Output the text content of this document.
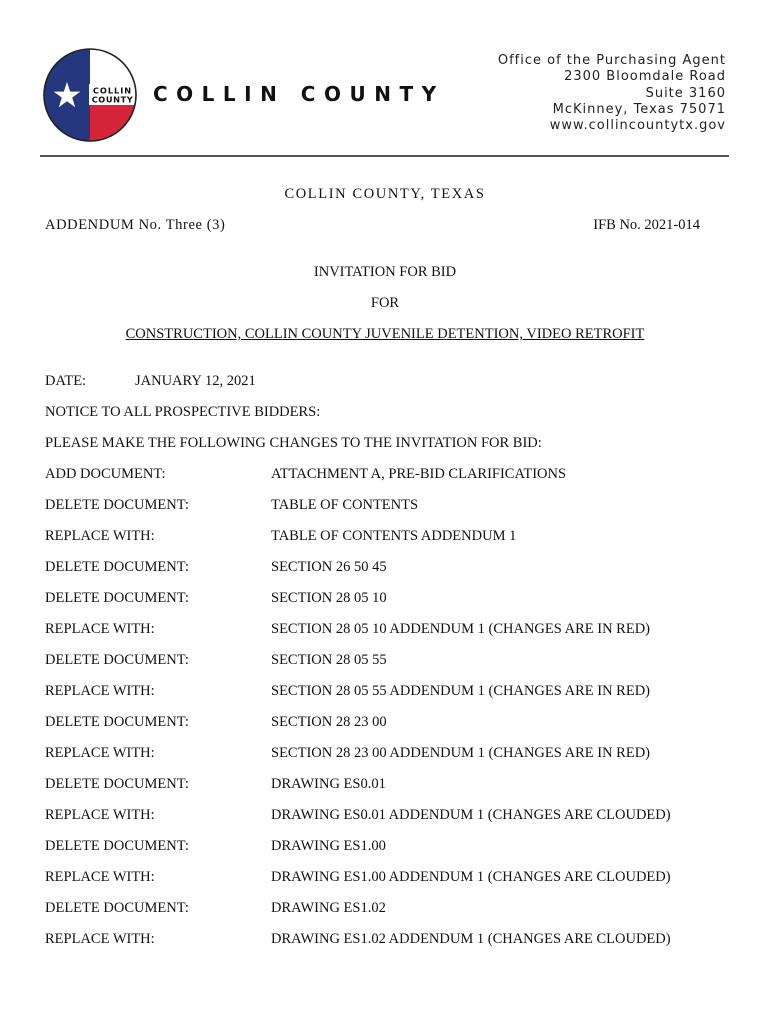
COLLIN
COUNTY COLLIN COUNTY
Office of the Purchasing Agent
2300 Bloomdale Road
Suite 3160
McKinney, Texas 75071
www.collincountytx.gov
COLLIN COUNTY, TEXAS
ADDENDUM No. Three (3)	IFB No. 2021-014
INVITATION FOR BID
FOR
CONSTRUCTION, COLLIN COUNTY JUVENILE DETENTION, VIDEO RETROFIT
DATE:	JANUARY 12, 2021
NOTICE TO ALL PROSPECTIVE BIDDERS:
PLEASE MAKE THE FOLLOWING CHANGES TO THE INVITATION FOR BID:
ADD DOCUMENT:	ATTACHMENT A, PRE-BID CLARIFICATIONS
DELETE DOCUMENT:	TABLE OF CONTENTS
REPLACE WITH:	TABLE OF CONTENTS ADDENDUM 1
DELETE DOCUMENT:	SECTION 26 50 45
DELETE DOCUMENT:	SECTION 28 05 10
REPLACE WITH:	SECTION 28 05 10 ADDENDUM 1 (CHANGES ARE IN RED)
DELETE DOCUMENT:	SECTION 28 05 55
REPLACE WITH:	SECTION 28 05 55 ADDENDUM 1 (CHANGES ARE IN RED)
DELETE DOCUMENT:	SECTION 28 23 00
REPLACE WITH:	SECTION 28 23 00 ADDENDUM 1 (CHANGES ARE IN RED)
DELETE DOCUMENT:	DRAWING ES0.01
REPLACE WITH:	DRAWING ES0.01 ADDENDUM 1 (CHANGES ARE CLOUDED)
DELETE DOCUMENT:	DRAWING ES1.00
REPLACE WITH:	DRAWING ES1.00 ADDENDUM 1 (CHANGES ARE CLOUDED)
DELETE DOCUMENT:	DRAWING ES1.02
REPLACE WITH:	DRAWING ES1.02 ADDENDUM 1 (CHANGES ARE CLOUDED)
